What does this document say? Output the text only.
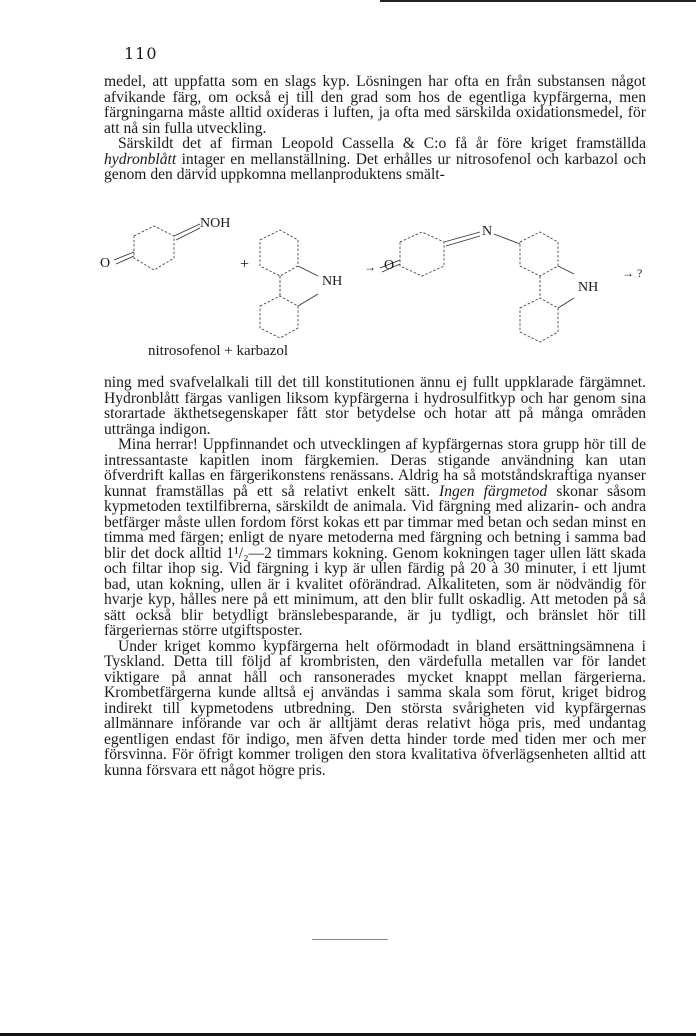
110

medel, att uppfatta som en slags kyp. Lösningen har ofta en från substansen något afvikande färg, om också ej till den grad som hos de egentliga kypfärgerna, men färgningarna måste alltid oxideras i luften, ja ofta med särskilda oxidationsmedel, för att nå sin fulla utveckling.

Särskildt det af firman Leopold Cassella & C:o få år före kriget framställda hydronblått intager en mellanställning. Det erhålles ur nitrosofenol och karbazol och genom den därvid uppkomna mellanproduktens smält-

NOH
O	+
NH
→ O
N
NH
→ ?
nitrosofenol + karbazol

ning med svafvelalkali till det till konstitutionen ännu ej fullt uppklarade färgämnet. Hydronblått färgas vanligen liksom kypfärgerna i hydrosulfitkyp och har genom sina storartade äkthetsegenskaper fått stor betydelse och hotar att på många områden uttränga indigon.

Mina herrar! Uppfinnandet och utvecklingen af kypfärgernas stora grupp hör till de intressantaste kapitlen inom färgkemien. Deras stigande användning kan utan öfverdrift kallas en färgerikonstens renässans. Aldrig ha så motståndskraftiga nyanser kunnat framställas på ett så relativt enkelt sätt. Ingen färgmetod skonar såsom kypmetoden textilfibrerna, särskildt de animala. Vid färgning med alizarin- och andra betfärger måste ullen fordom först kokas ett par timmar med betan och sedan minst en timma med färgen; enligt de nyare metoderna med färgning och betning i samma bad blir det dock alltid 1¹/₂—2 timmars kokning. Genom kokningen tager ullen lätt skada och filtar ihop sig. Vid färgning i kyp är ullen färdig på 20 à 30 minuter, i ett ljumt bad, utan kokning, ullen är i kvalitet oförändrad. Alkaliteten, som är nödvändig för hvarje kyp, hålles nere på ett minimum, att den blir fullt oskadlig. Att metoden på så sätt också blir betydligt bränslebesparande, är ju tydligt, och bränslet hör till färgeriernas större utgiftsposter.

Under kriget kommo kypfärgerna helt oförmodadt in bland ersättningsämnena i Tyskland. Detta till följd af krombristen, den värdefulla metallen var för landet viktigare på annat håll och ransonerades mycket knappt mellan färgerierna. Krombetfärgerna kunde alltså ej användas i samma skala som förut, kriget bidrog indirekt till kypmetodens utbredning. Den största svårigheten vid kypfärgernas allmännare införande var och är alltjämt deras relativt höga pris, med undantag egentligen endast för indigo, men äfven detta hinder torde med tiden mer och mer försvinna. För öfrigt kommer troligen den stora kvalitativa öfverlägsenheten alltid att kunna försvara ett något högre pris.
